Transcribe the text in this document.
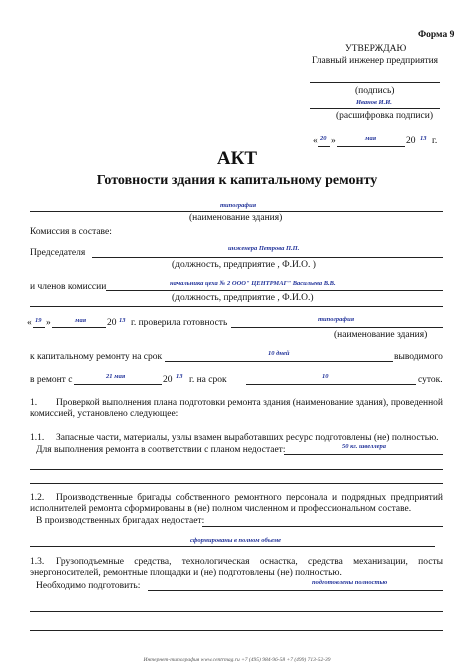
Форма 9
УТВЕРЖДАЮ
Главный инженер предприятия
(подпись)
Иванов И.И.
(расшифровка подписи)
« 20 »	мая	20 13 г.
АКТ
Готовности здания к капитальному ремонту
типография
(наименование здания)
Комиссия в составе:
Председателя	инженера Петрова П.П.
(должность, предприятие , Ф.И.О. )
и членов комиссии	начальника цеха № 2 ООО" ЦЕНТРМАГ" Васильева В.В.
(должность, предприятие , Ф.И.О.)
« 19 »	мая 20 13 г. проверила готовность	типография
(наименование здания)
к капитальному ремонту на срок	10 дней	выводимого
в ремонт с	21 мая	20 13 г. на срок	10	суток.
1.	Проверкой выполнения плана подготовки ремонта здания (наименование здания), проведенной комиссией, установлено следующее:
1.1. Запасные части, материалы, узлы взамен выработавших ресурс подготовлены (не) полностью.
Для выполнения ремонта в соответствии с планом недостает:	50 кг. швеллера
1.2.	Производственные бригады собственного ремонтного персонала и подрядных предприятий исполнителей ремонта сформированы в (не) полном численном и профессиональном составе.
В производственных бригадах недостает:
сформированы в полном объеме
1.3.	Грузоподъемные средства, технологическая оснастка, средства механизации, посты энергоносителей, ремонтные площадки и (не) подготовлены (не) полностью.
Необходимо подготовить:	подготовлены полностью
Интернет-типография www.centrmag.ru +7 (495) 984-96-58 +7 (499) 713-52-39
